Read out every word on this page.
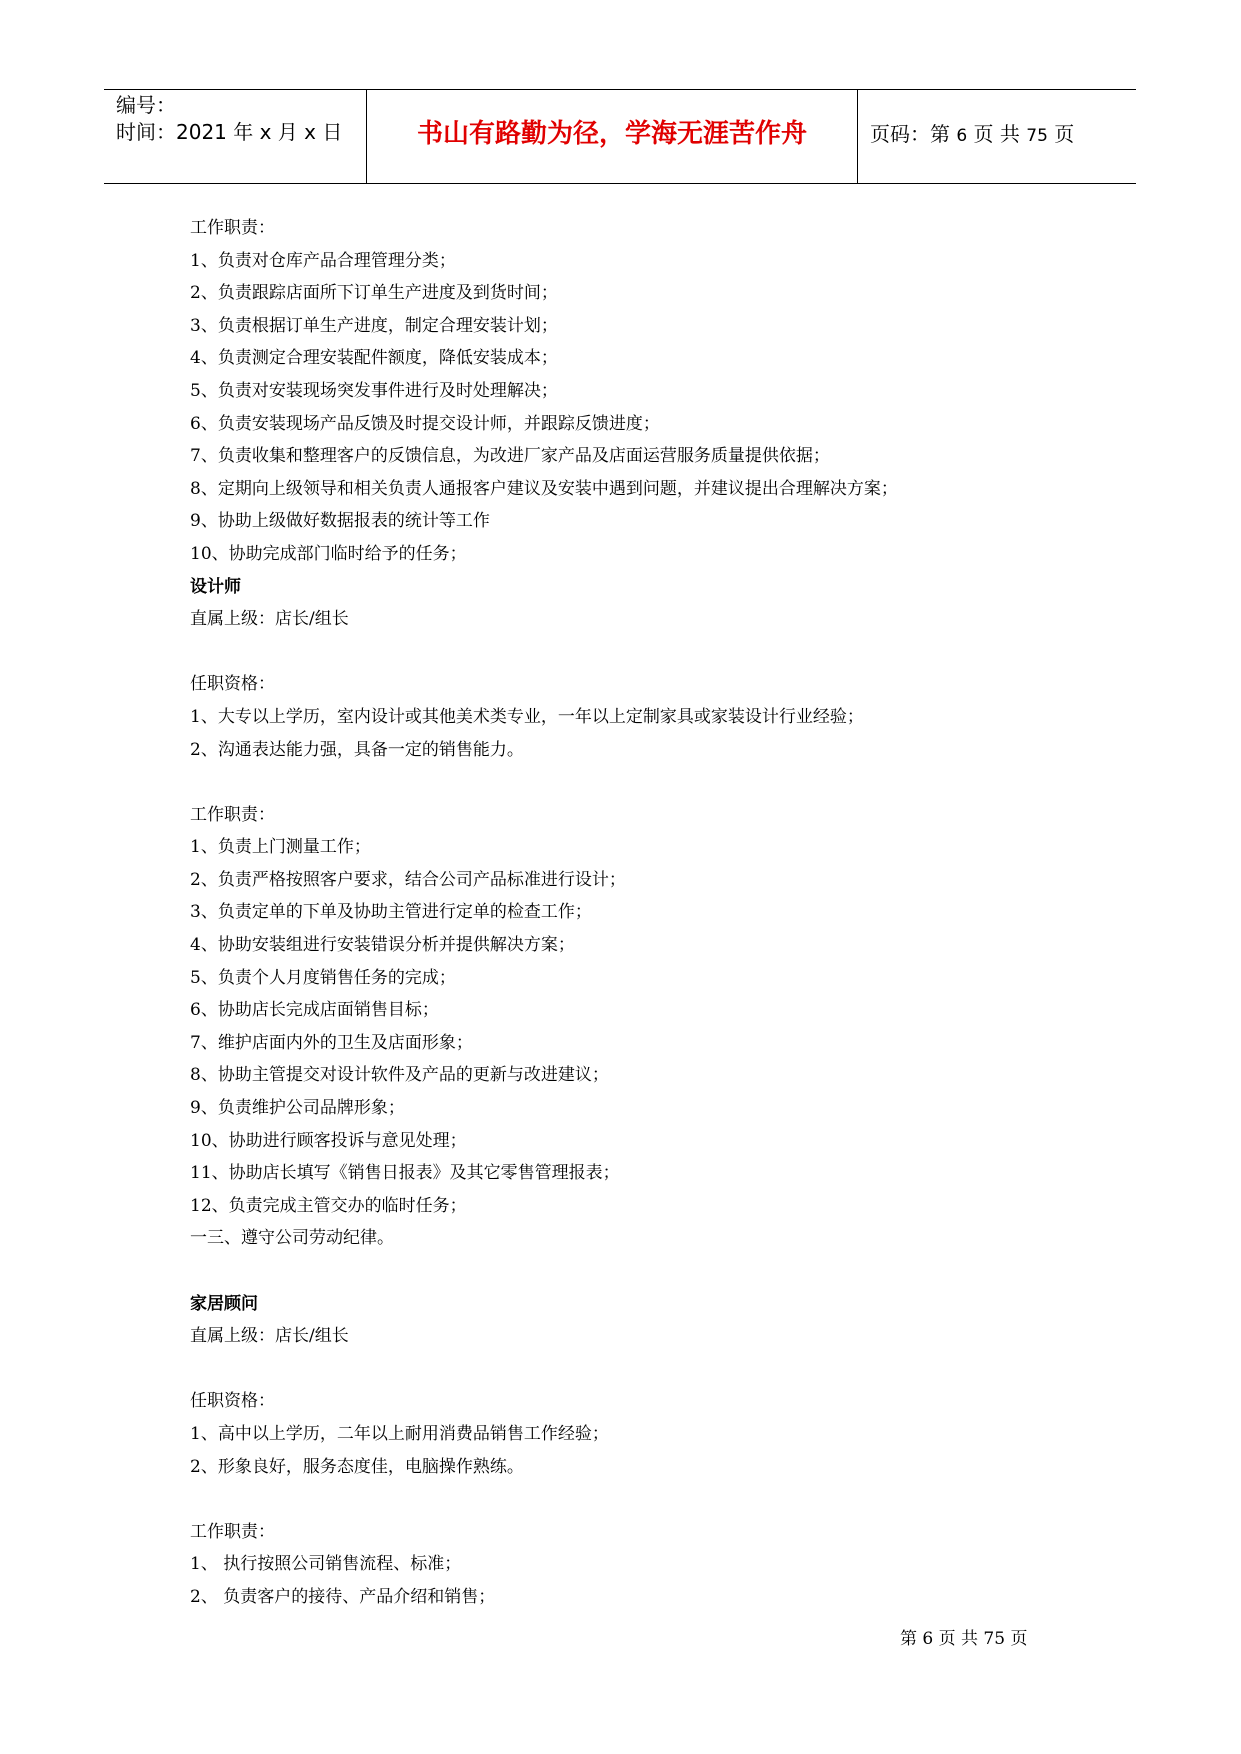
编号：
时间：2021 年 x 月 x 日	书山有路勤为径，学海无涯苦作舟	页码：第 6 页 共 75 页
工作职责：
1、负责对仓库产品合理管理分类；
2、负责跟踪店面所下订单生产进度及到货时间；
3、负责根据订单生产进度，制定合理安装计划；
4、负责测定合理安装配件额度，降低安装成本；
5、负责对安装现场突发事件进行及时处理解决；
6、负责安装现场产品反馈及时提交设计师，并跟踪反馈进度；
7、负责收集和整理客户的反馈信息，为改进厂家产品及店面运营服务质量提供依据；
8、定期向上级领导和相关负责人通报客户建议及安装中遇到问题，并建议提出合理解决方案；
9、协助上级做好数据报表的统计等工作
10、协助完成部门临时给予的任务；
设计师
直属上级：店长/组长
任职资格：
1、大专以上学历，室内设计或其他美术类专业，一年以上定制家具或家装设计行业经验；
2、沟通表达能力强，具备一定的销售能力。
工作职责：
1、负责上门测量工作；
2、负责严格按照客户要求，结合公司产品标准进行设计；
3、负责定单的下单及协助主管进行定单的检查工作；
4、协助安装组进行安装错误分析并提供解决方案；
5、负责个人月度销售任务的完成；
6、协助店长完成店面销售目标；
7、维护店面内外的卫生及店面形象；
8、协助主管提交对设计软件及产品的更新与改进建议；
9、负责维护公司品牌形象；
10、协助进行顾客投诉与意见处理；
11、协助店长填写《销售日报表》及其它零售管理报表；
12、负责完成主管交办的临时任务；
一三、遵守公司劳动纪律。
家居顾问
直属上级：店长/组长
任职资格：
1、高中以上学历，二年以上耐用消费品销售工作经验；
2、形象良好，服务态度佳，电脑操作熟练。
工作职责：
1、 执行按照公司销售流程、标准；
2、 负责客户的接待、产品介绍和销售；
第 6 页 共 75 页
